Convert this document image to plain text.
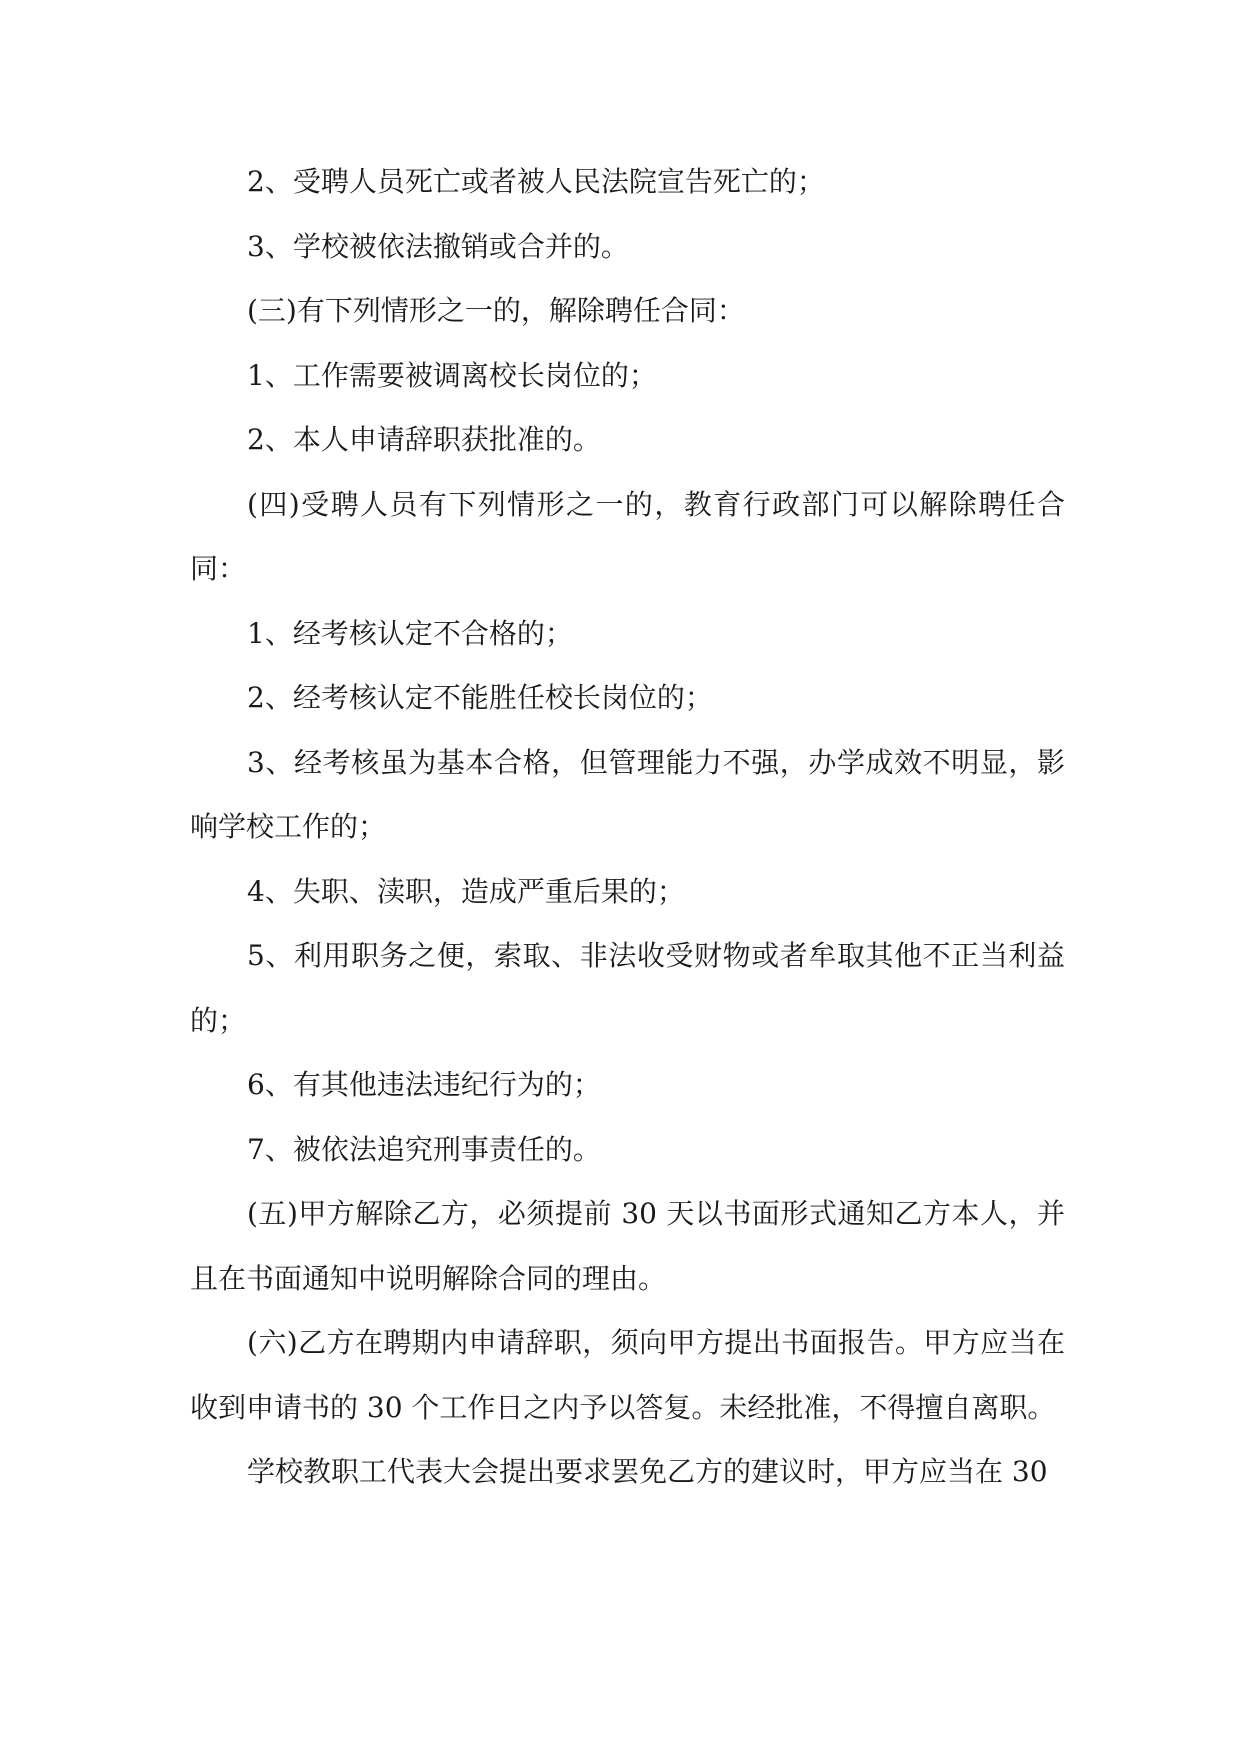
2、受聘人员死亡或者被人民法院宣告死亡的；

3、学校被依法撤销或合并的。

(三)有下列情形之一的，解除聘任合同：

1、工作需要被调离校长岗位的；

2、本人申请辞职获批准的。

(四)受聘人员有下列情形之一的，教育行政部门可以解除聘任合同：

1、经考核认定不合格的；

2、经考核认定不能胜任校长岗位的；

3、经考核虽为基本合格，但管理能力不强，办学成效不明显，影响学校工作的；

4、失职、渎职，造成严重后果的；

5、利用职务之便，索取、非法收受财物或者牟取其他不正当利益的；

6、有其他违法违纪行为的；

7、被依法追究刑事责任的。

(五)甲方解除乙方，必须提前 30 天以书面形式通知乙方本人，并且在书面通知中说明解除合同的理由。

(六)乙方在聘期内申请辞职，须向甲方提出书面报告。甲方应当在收到申请书的 30 个工作日之内予以答复。未经批准，不得擅自离职。

学校教职工代表大会提出要求罢免乙方的建议时，甲方应当在 30
